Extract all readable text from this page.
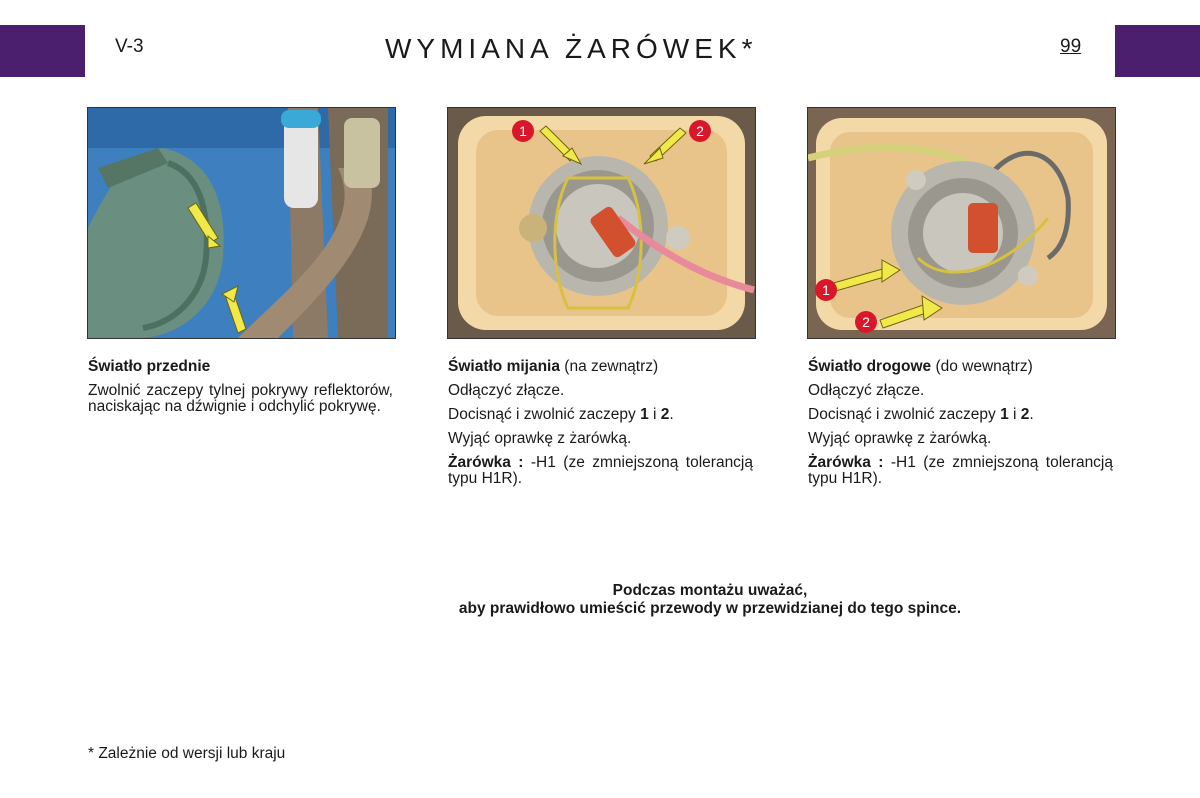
V-3	WYMIANA ŻARÓWEK*	99
1	2
1
2

Światło przednie

Zwolnić zaczepy tylnej pokrywy reflektorów, naciskając na dźwignie i odchylić pokrywę.

Światło mijania (na zewnątrz)

Odłączyć złącze.

Docisnąć i zwolnić zaczepy 1 i 2.

Wyjąć oprawkę z żarówką.

Żarówka : -H1 (ze zmniejszoną tolerancją typu H1R).

Światło drogowe (do wewnątrz)

Odłączyć złącze.

Docisnąć i zwolnić zaczepy 1 i 2.

Wyjąć oprawkę z żarówką.

Żarówka : -H1 (ze zmniejszoną tolerancją typu H1R).

Podczas montażu uważać,
aby prawidłowo umieścić przewody w przewidzianej do tego spince.
* Zależnie od wersji lub kraju
